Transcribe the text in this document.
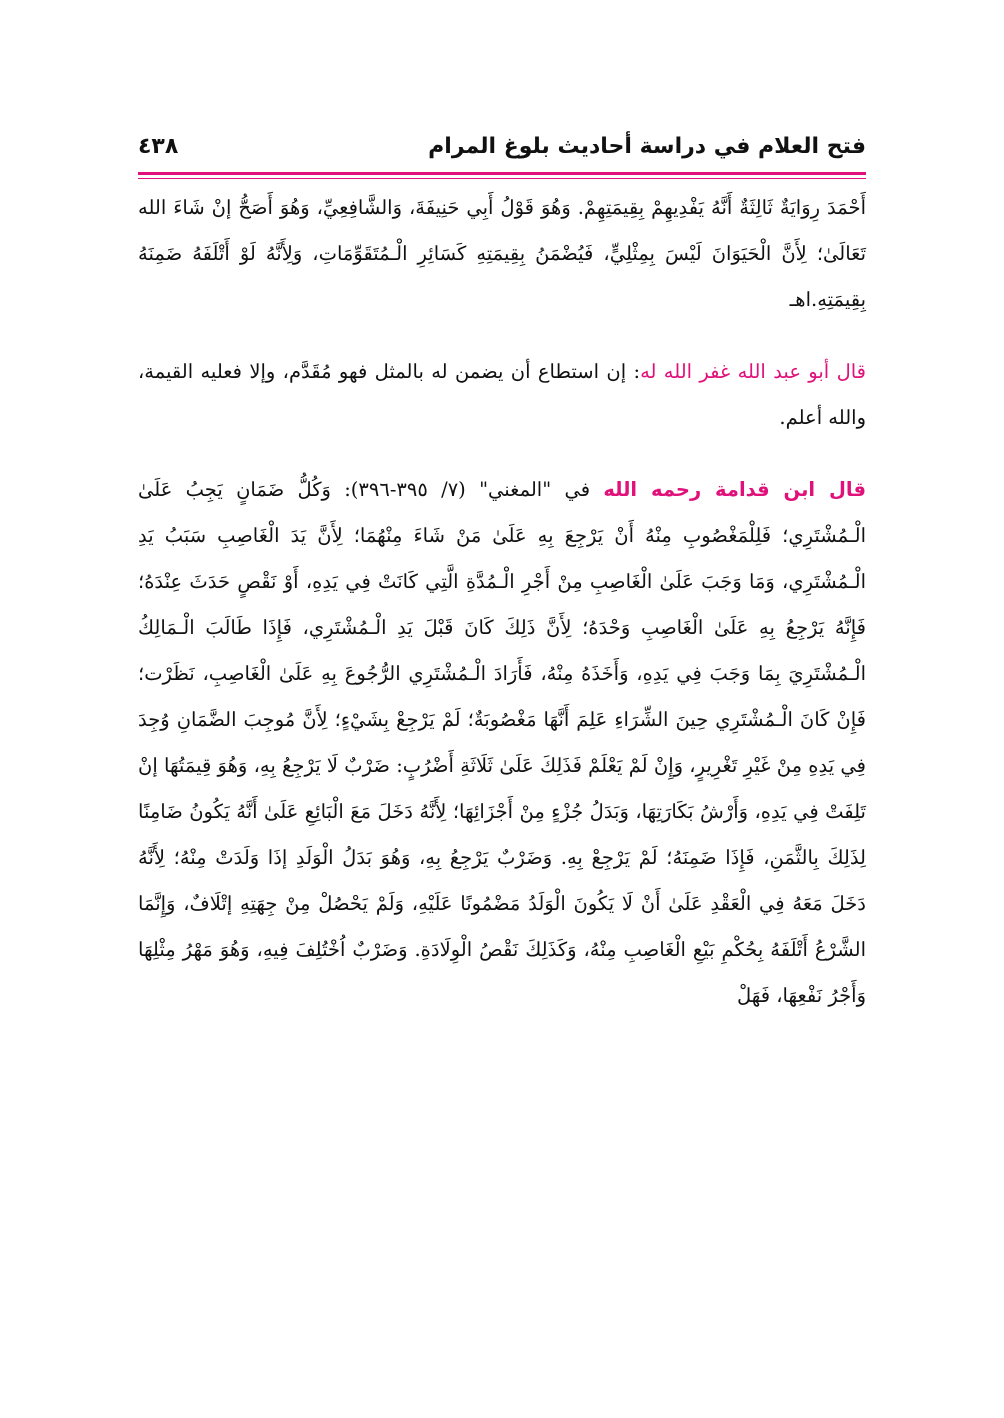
فتح العلام في دراسة أحاديث بلوغ المرام
٤٣٨

أَحْمَدَ رِوَايَةٌ ثَالِثَةٌ أَنَّهُ يَفْدِيهِمْ بِقِيمَتِهِمْ. وَهُوَ قَوْلُ أَبِي حَنِيفَةَ، وَالشَّافِعِيِّ، وَهُوَ أَصَحُّ إنْ شَاءَ الله تَعَالَىٰ؛ لِأَنَّ الْحَيَوَانَ لَيْسَ بِمِثْلِيٍّ، فَيُضْمَنُ بِقِيمَتِهِ كَسَائِرِ الْـمُتَقَوِّمَاتِ، وَلِأَنَّهُ لَوْ أَتْلَفَهُ ضَمِنَهُ بِقِيمَتِهِ.اهـ

قال أبو عبد الله غفر الله له: إن استطاع أن يضمن له بالمثل فهو مُقَدَّم، وإلا فعليه القيمة، والله أعلم.

قال ابن قدامة رحمه الله في "المغني" (٧/ ٣٩٥-٣٩٦): وَكُلُّ ضَمَانٍ يَجِبُ عَلَىٰ الْـمُشْتَرِي؛ فَلِلْمَغْصُوبِ مِنْهُ أَنْ يَرْجِعَ بِهِ عَلَىٰ مَنْ شَاءَ مِنْهُمَا؛ لِأَنَّ يَدَ الْغَاصِبِ سَبَبُ يَدِ الْـمُشْتَرِي، وَمَا وَجَبَ عَلَىٰ الْغَاصِبِ مِنْ أَجْرِ الْـمُدَّةِ الَّتِي كَانَتْ فِي يَدِهِ، أَوْ نَقْصٍ حَدَثَ عِنْدَهُ؛ فَإِنَّهُ يَرْجِعُ بِهِ عَلَىٰ الْغَاصِبِ وَحْدَهُ؛ لِأَنَّ ذَلِكَ كَانَ قَبْلَ يَدِ الْـمُشْتَرِي، فَإِذَا طَالَبَ الْـمَالِكُ الْـمُشْتَرِيَ بِمَا وَجَبَ فِي يَدِهِ، وَأَخَذَهُ مِنْهُ، فَأَرَادَ الْـمُشْتَرِي الرُّجُوعَ بِهِ عَلَىٰ الْغَاصِبِ، نَظَرْت؛ فَإِنْ كَانَ الْـمُشْتَرِي حِينَ الشِّرَاءِ عَلِمَ أَنَّهَا مَغْصُوبَةٌ؛ لَمْ يَرْجِعْ بِشَيْءٍ؛ لِأَنَّ مُوجِبَ الضَّمَانِ وُجِدَ فِي يَدِهِ مِنْ غَيْرِ تَغْرِيرٍ، وَإِنْ لَمْ يَعْلَمْ فَذَلِكَ عَلَىٰ ثَلَاثَةِ أَضْرُبٍ: ضَرْبٌ لَا يَرْجِعُ بِهِ، وَهُوَ قِيمَتُهَا إنْ تَلِفَتْ فِي يَدِهِ، وَأَرْشُ بَكَارَتِهَا، وَبَدَلُ جُزْءٍ مِنْ أَجْزَائِهَا؛ لِأَنَّهُ دَخَلَ مَعَ الْبَائِعِ عَلَىٰ أَنَّهُ يَكُونُ ضَامِنًا لِذَلِكَ بِالثَّمَنِ، فَإِذَا ضَمِنَهُ؛ لَمْ يَرْجِعْ بِهِ. وَضَرْبٌ يَرْجِعُ بِهِ، وَهُوَ بَدَلُ الْوَلَدِ إذَا وَلَدَتْ مِنْهُ؛ لِأَنَّهُ دَخَلَ مَعَهُ فِي الْعَقْدِ عَلَىٰ أَنْ لَا يَكُونَ الْوَلَدُ مَضْمُونًا عَلَيْهِ، وَلَمْ يَحْصُلْ مِنْ جِهَتِهِ إتْلَافٌ، وَإِنَّمَا الشَّرْعُ أَتْلَفَهُ بِحُكْمِ بَيْعِ الْغَاصِبِ مِنْهُ، وَكَذَلِكَ نَقْصُ الْوِلَادَةِ. وَضَرْبٌ اُخْتُلِفَ فِيهِ، وَهُوَ مَهْرُ مِثْلِهَا وَأَجْرُ نَفْعِهَا، فَهَلْ
